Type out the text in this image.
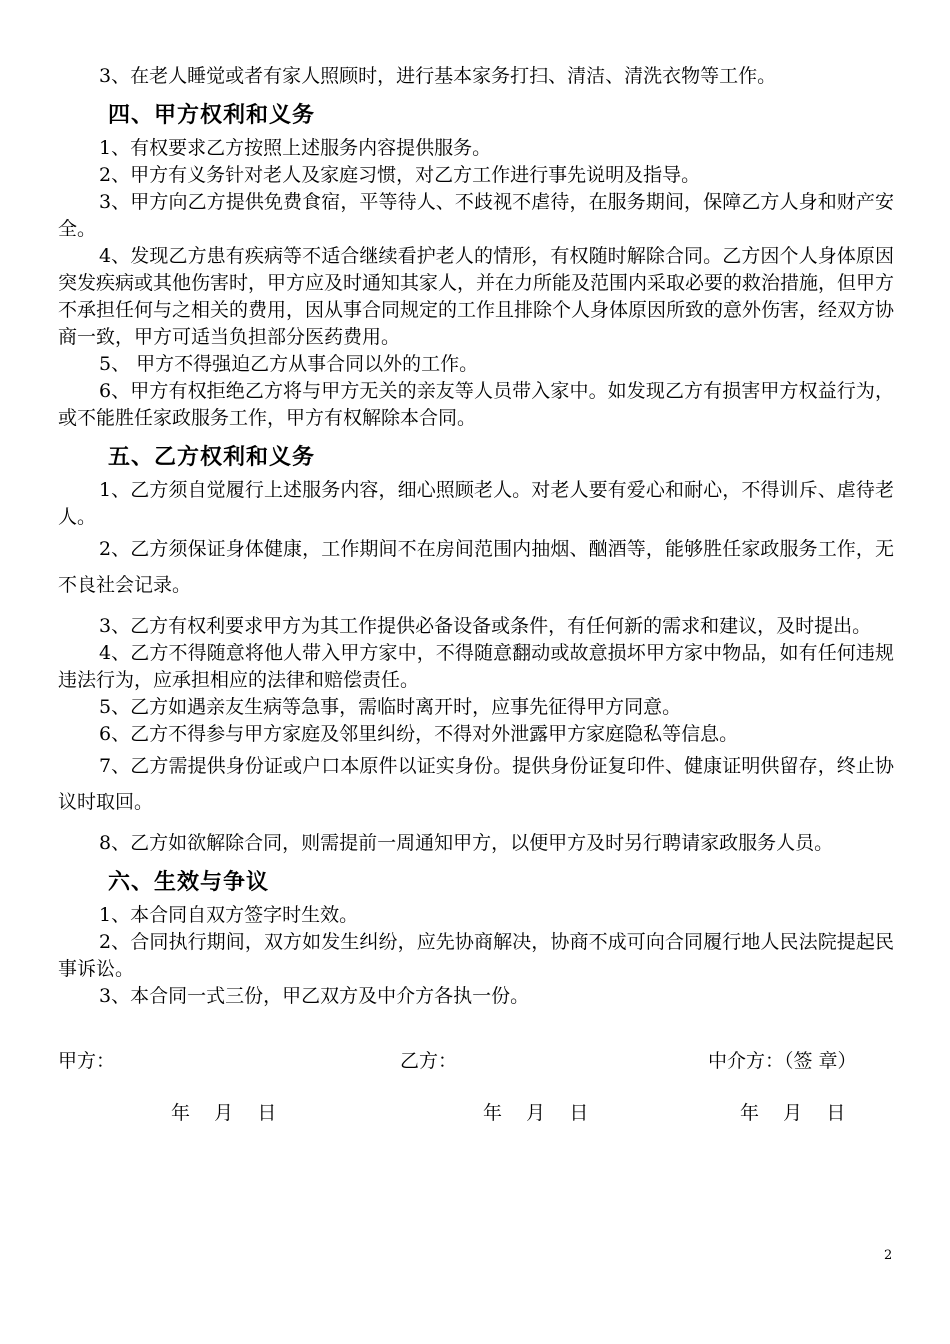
3、在老人睡觉或者有家人照顾时，进行基本家务打扫、清洁、清洗衣物等工作。

四、甲方权利和义务

1、有权要求乙方按照上述服务内容提供服务。

2、甲方有义务针对老人及家庭习惯，对乙方工作进行事先说明及指导。

3、甲方向乙方提供免费食宿，平等待人、不歧视不虐待，在服务期间，保障乙方人身和财产安全。

4、发现乙方患有疾病等不适合继续看护老人的情形，有权随时解除合同。乙方因个人身体原因突发疾病或其他伤害时，甲方应及时通知其家人，并在力所能及范围内采取必要的救治措施，但甲方不承担任何与之相关的费用，因从事合同规定的工作且排除个人身体原因所致的意外伤害，经双方协商一致，甲方可适当负担部分医药费用。

5、 甲方不得强迫乙方从事合同以外的工作。

6、甲方有权拒绝乙方将与甲方无关的亲友等人员带入家中。如发现乙方有损害甲方权益行为，或不能胜任家政服务工作，甲方有权解除本合同。

五、乙方权利和义务

1、乙方须自觉履行上述服务内容，细心照顾老人。对老人要有爱心和耐心，不得训斥、虐待老人。

2、乙方须保证身体健康，工作期间不在房间范围内抽烟、酗酒等，能够胜任家政服务工作，无不良社会记录。

3、乙方有权利要求甲方为其工作提供必备设备或条件，有任何新的需求和建议，及时提出。

4、乙方不得随意将他人带入甲方家中，不得随意翻动或故意损坏甲方家中物品，如有任何违规违法行为，应承担相应的法律和赔偿责任。

5、乙方如遇亲友生病等急事，需临时离开时，应事先征得甲方同意。

6、乙方不得参与甲方家庭及邻里纠纷，不得对外泄露甲方家庭隐私等信息。

7、乙方需提供身份证或户口本原件以证实身份。提供身份证复印件、健康证明供留存，终止协议时取回。

8、乙方如欲解除合同，则需提前一周通知甲方，以便甲方及时另行聘请家政服务人员。

六、生效与争议

1、本合同自双方签字时生效。

2、合同执行期间，双方如发生纠纷，应先协商解决，协商不成可向合同履行地人民法院提起民事诉讼。

3、本合同一式三份，甲乙双方及中介方各执一份。

甲方：	乙方：	中介方：（签 章）
年    月    日	年    月    日	年    月    日
2
